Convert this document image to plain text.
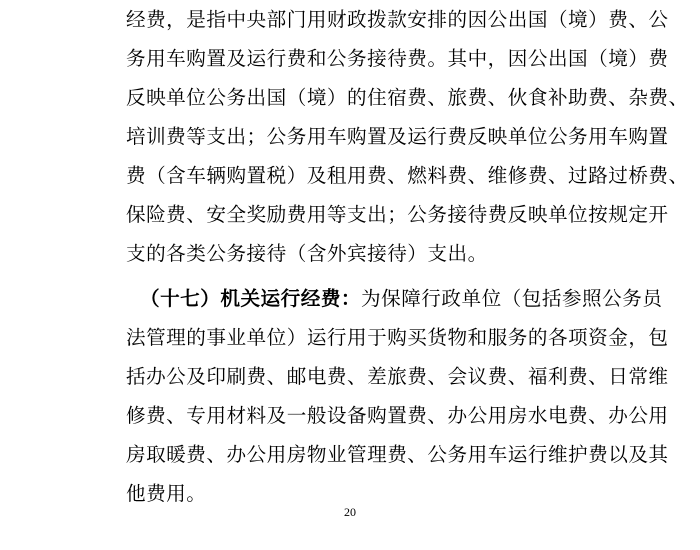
经费，是指中央部门用财政拨款安排的因公出国（境）费、公
务用车购置及运行费和公务接待费。其中，因公出国（境）费
反映单位公务出国（境）的住宿费、旅费、伙食补助费、杂费、
培训费等支出；公务用车购置及运行费反映单位公务用车购置
费（含车辆购置税）及租用费、燃料费、维修费、过路过桥费、
保险费、安全奖励费用等支出；公务接待费反映单位按规定开
支的各类公务接待（含外宾接待）支出。
（十七）机关运行经费：为保障行政单位（包括参照公务员
法管理的事业单位）运行用于购买货物和服务的各项资金，包
括办公及印刷费、邮电费、差旅费、会议费、福利费、日常维
修费、专用材料及一般设备购置费、办公用房水电费、办公用
房取暖费、办公用房物业管理费、公务用车运行维护费以及其
他费用。
20
